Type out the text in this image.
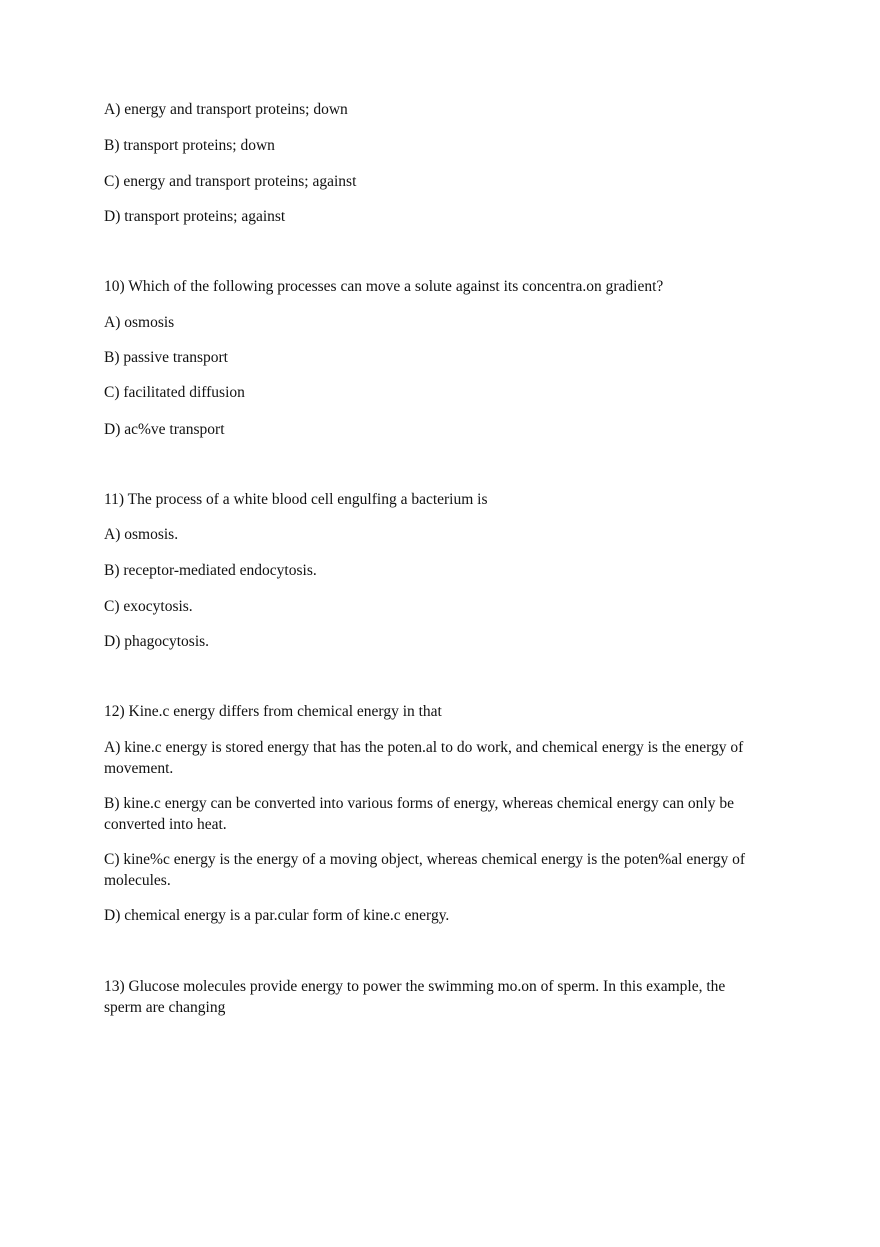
A) energy and transport proteins; down
B) transport proteins; down
C) energy and transport proteins; against
D) transport proteins; against
10) Which of the following processes can move a solute against its concentra.on gradient?
A) osmosis
B) passive transport
C) facilitated diffusion
D) ac%ve transport
11) The process of a white blood cell engulfing a bacterium is
A) osmosis.
B) receptor-mediated endocytosis.
C) exocytosis.
D) phagocytosis.
12) Kine.c energy differs from chemical energy in that
A) kine.c energy is stored energy that has the poten.al to do work, and chemical energy is the energy of movement.
B) kine.c energy can be converted into various forms of energy, whereas chemical energy can only be converted into heat.
C) kine%c energy is the energy of a moving object, whereas chemical energy is the poten%al energy of molecules.
D) chemical energy is a par.cular form of kine.c energy.
13) Glucose molecules provide energy to power the swimming mo.on of sperm. In this example, the sperm are changing
